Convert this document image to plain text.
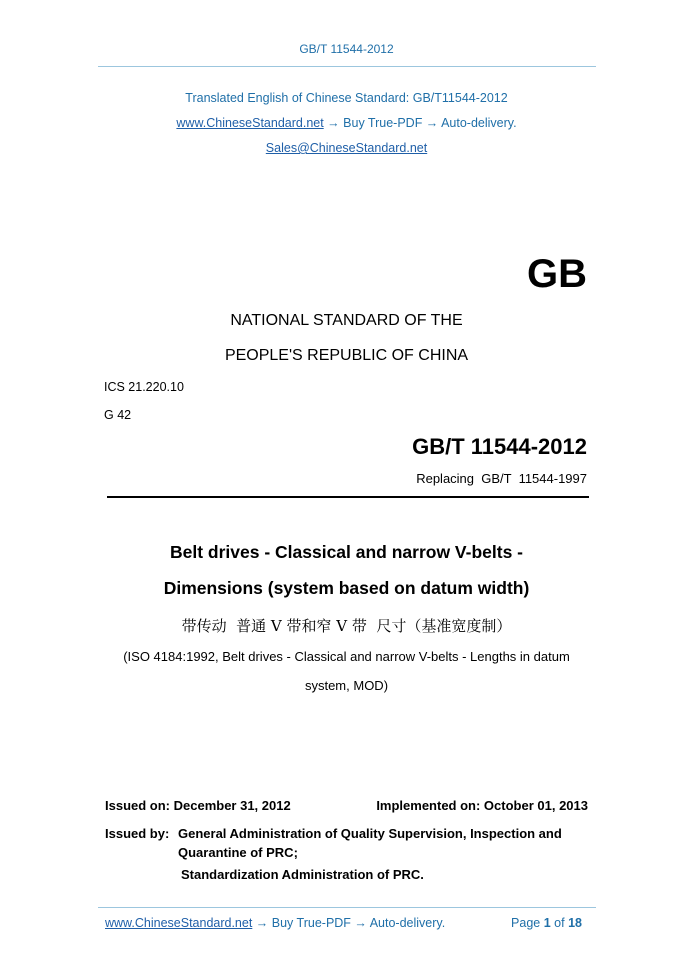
GB/T 11544-2012
Translated English of Chinese Standard: GB/T11544-2012
www.ChineseStandard.net → Buy True-PDF → Auto-delivery.
Sales@ChineseStandard.net
GB
NATIONAL STANDARD OF THE
PEOPLE'S REPUBLIC OF CHINA
ICS 21.220.10
G 42
GB/T 11544-2012
Replacing  GB/T  11544-1997
Belt drives - Classical and narrow V-belts -
Dimensions (system based on datum width)
带传动  普通 V 带和窄 V 带  尺寸（基准宽度制）
(ISO 4184:1992, Belt drives - Classical and narrow V-belts - Lengths in datum
system, MOD)
Issued on: December 31, 2012	Implemented on: October 01, 2013
Issued by: General Administration of Quality Supervision, Inspection and
Quarantine of PRC;
Standardization Administration of PRC.
www.ChineseStandard.net → Buy True-PDF → Auto-delivery.	Page 1 of 18
